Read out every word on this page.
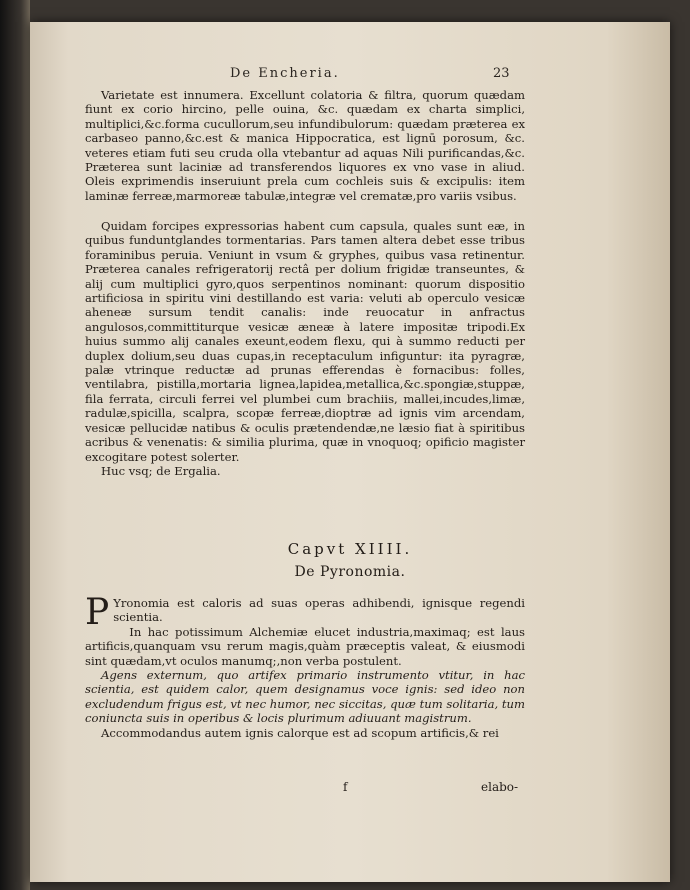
De Encheria.	23

Varietate est innumera. Excellunt colatoria & filtra, quorum quædam fiunt ex corio hircino, pelle ouina, &c. quædam ex charta simplici, multiplici,&c.forma cucullorum,seu infundibulorum: quædam præterea ex carbaseo panno,&c.est & manica Hippocratica, est lignū porosum, &c. veteres etiam futi seu cruda olla vtebantur ad aquas Nili purificandas,&c. Præterea sunt laciniæ ad transferendos liquores ex vno vase in aliud. Oleis exprimendis inseruiunt prela cum cochleis suis & excipulis: item laminæ ferreæ,marmoreæ tabulæ,integræ vel crematæ,pro variis vsibus.

Quidam forcipes expressorias habent cum capsula, quales sunt eæ, in quibus funduntglandes tormentarias. Pars tamen altera debet esse tribus foraminibus peruia. Veniunt in vsum & gryphes, quibus vasa retinentur. Præterea canales refrigeratorij rectâ per dolium frigidæ transeuntes, & alij cum multiplici gyro,quos serpentinos nominant: quorum dispositio artificiosa in spiritu vini destillando est varia: veluti ab operculo vesicæ aheneæ sursum tendit canalis: inde reuocatur in anfractus angulosos,committiturque vesicæ æneæ à latere impositæ tripodi.Ex huius summo alij canales exeunt,eodem flexu, qui à summo reducti per duplex dolium,seu duas cupas,in receptaculum infiguntur: ita pyragræ, palæ vtrinque reductæ ad prunas efferendas è fornacibus: folles, ventilabra, pistilla,mortaria lignea,lapidea,metallica,&c.spongiæ,stuppæ, fila ferrata, circuli ferrei vel plumbei cum brachiis, mallei,incudes,limæ, radulæ,spicilla, scalpra, scopæ ferreæ,dioptræ ad ignis vim arcendam, vesicæ pellucidæ natibus & oculis prætendendæ,ne læsio fiat à spiritibus acribus & venenatis: & similia plurima, quæ in vnoquoq; opificio magister excogitare potest solerter.

Huc vsq; de Ergalia.

Capvt XIIII.
De Pyronomia.

P Yronomia est caloris ad suas operas adhibendi, ignisque regendi scientia.

In hac potissimum Alchemiæ elucet industria,maximaq; est laus artificis,quanquam vsu rerum magis,quàm præceptis valeat, & eiusmodi sint quædam,vt oculos manumq;,non verba postulent.

Agens externum, quo artifex primario instrumento vtitur, in hac scientia, est quidem calor, quem designamus voce ignis: sed ideo non excludendum frigus est, vt nec humor, nec siccitas, quæ tum solitaria, tum coniuncta suis in operibus & locis plurimum adiuuant magistrum.

Accommodandus autem ignis calorque est ad scopum artificis,& rei

f	elabo-
